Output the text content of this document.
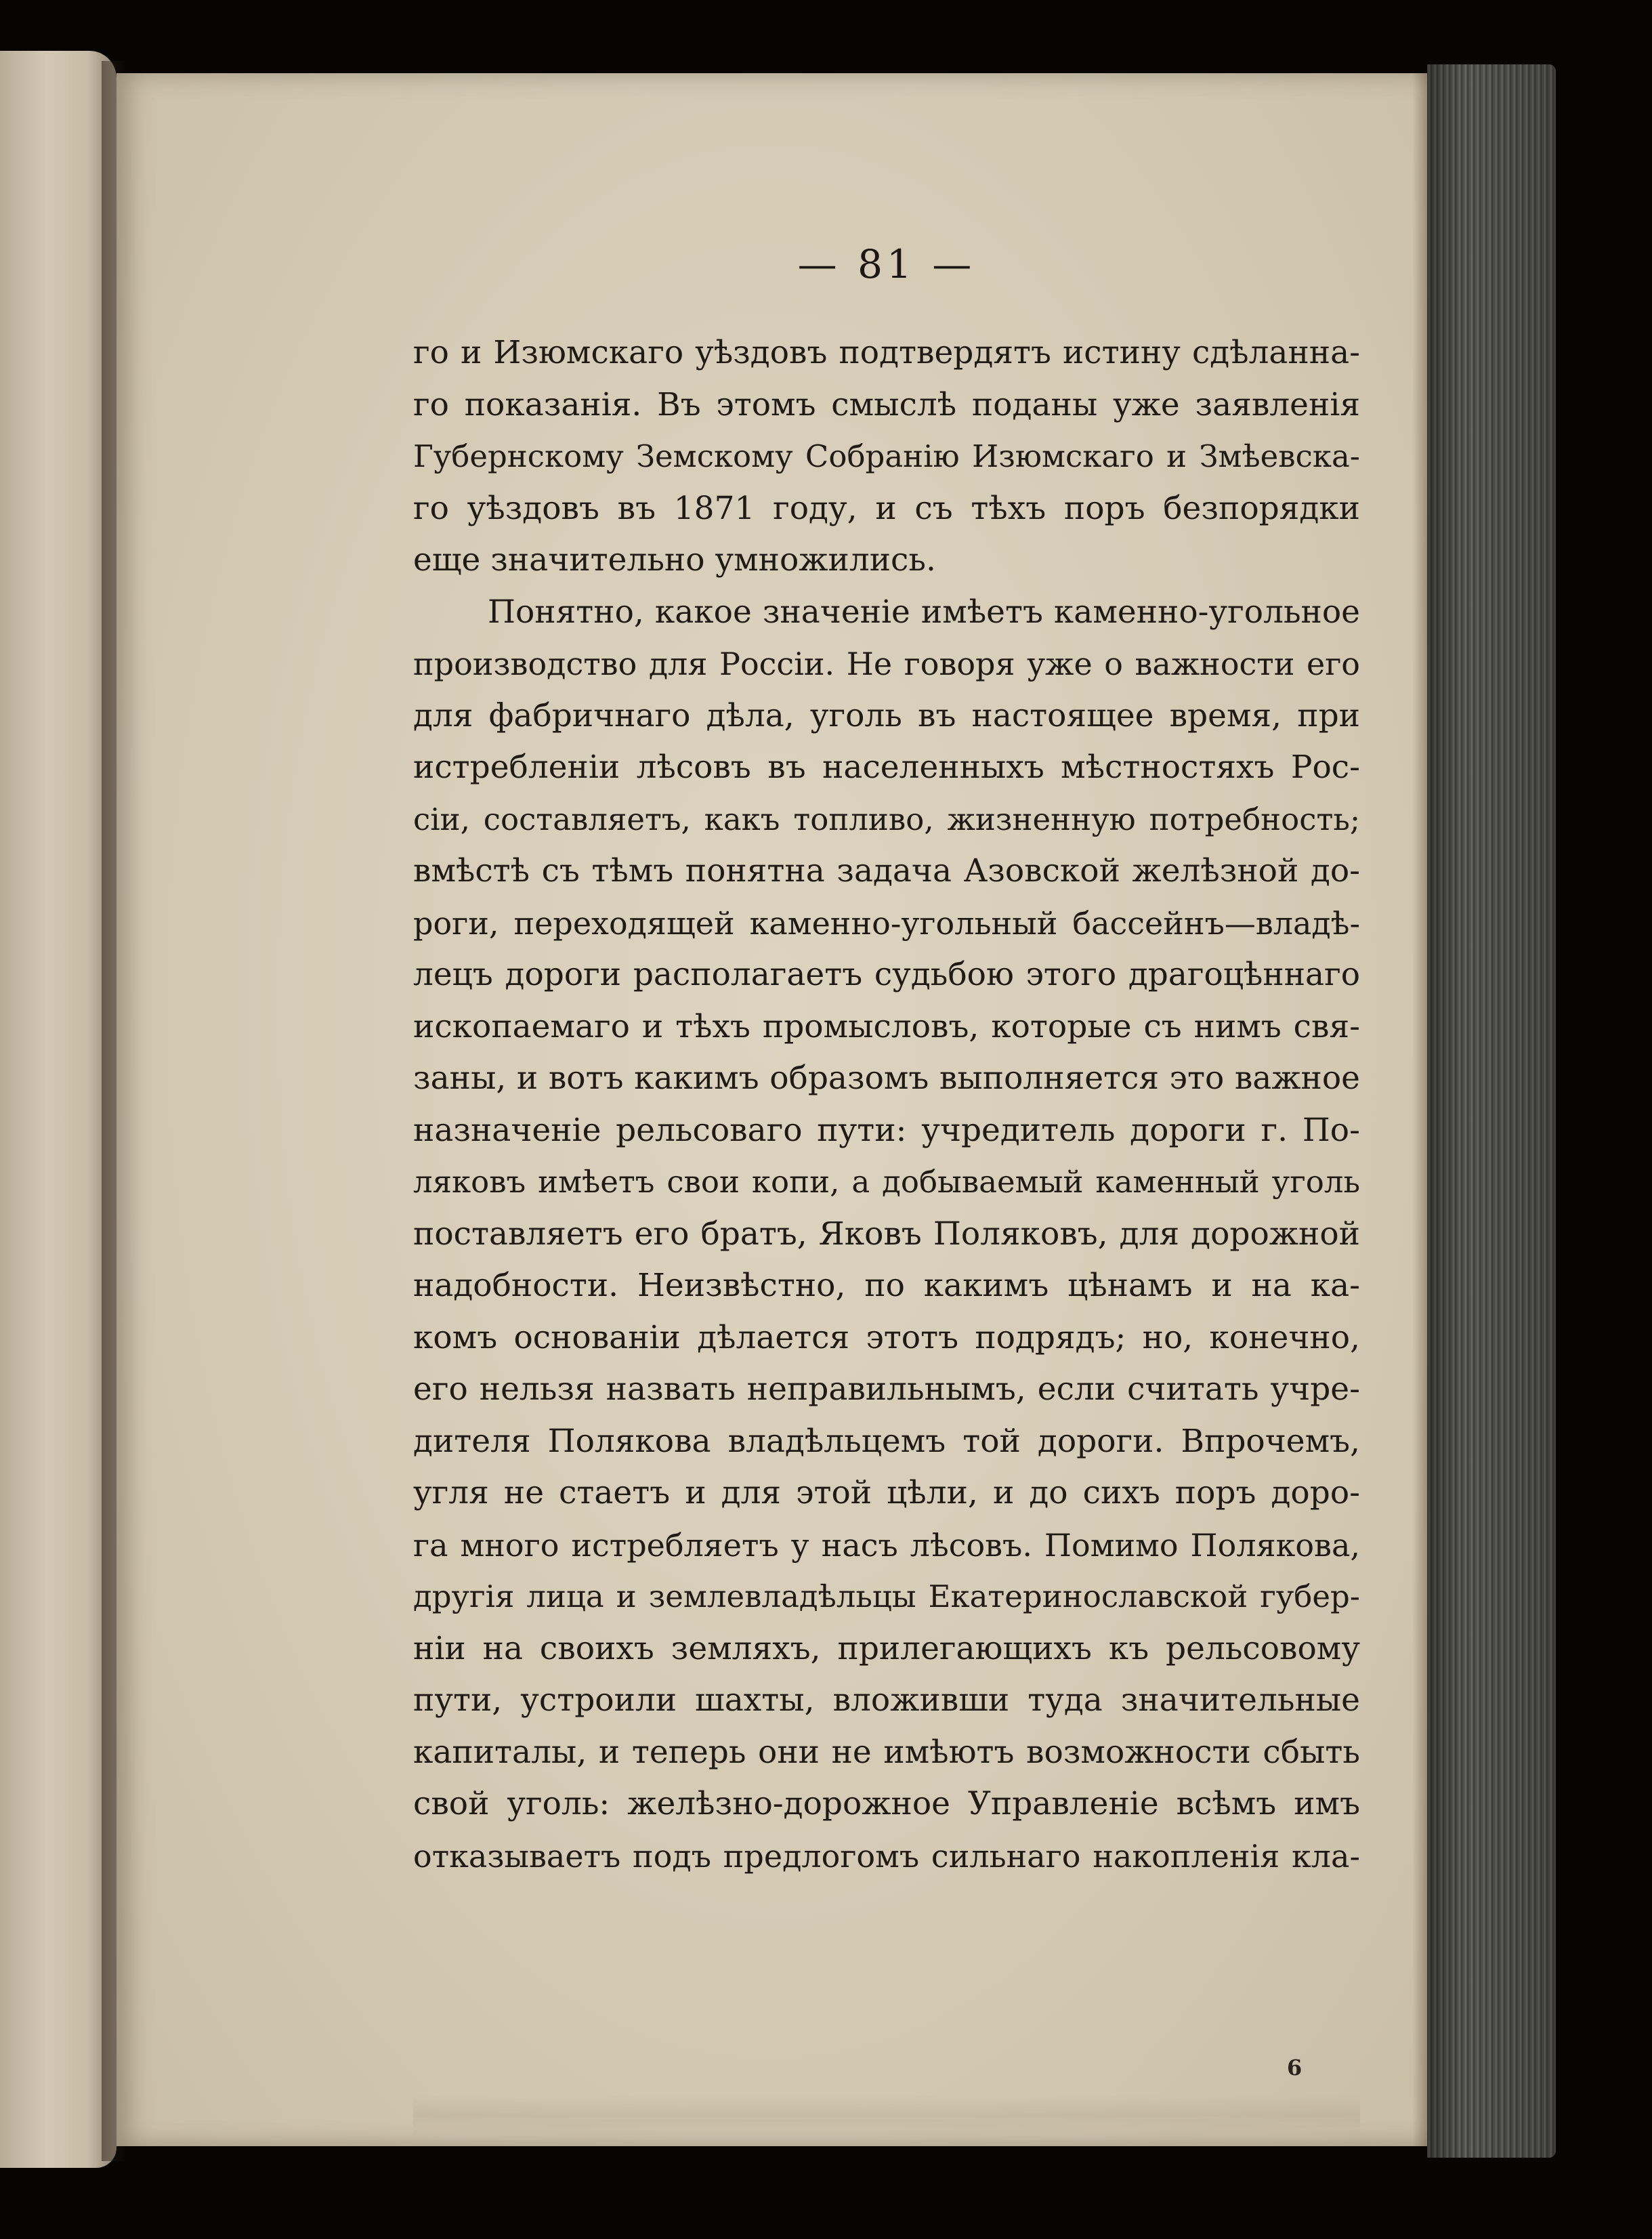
— 81 —
го и Изюмскаго уѣздовъ подтвердятъ истину сдѣланна-
го показанія. Въ этомъ смыслѣ поданы уже заявленія
Губернскому Земскому Собранію Изюмскаго и Змѣевска-
го уѣздовъ въ 1871 году, и съ тѣхъ поръ безпорядки
еще значительно умножились.
Понятно, какое значеніе имѣетъ каменно-угольное
производство для Россіи. Не говоря уже о важности его
для фабричнаго дѣла, уголь въ настоящее время, при
истребленіи лѣсовъ въ населенныхъ мѣстностяхъ Рос-
сіи, составляетъ, какъ топливо, жизненную потребность;
вмѣстѣ съ тѣмъ понятна задача Азовской желѣзной до-
роги, переходящей каменно-угольный бассейнъ—владѣ-
лецъ дороги располагаетъ судьбою этого драгоцѣннаго
ископаемаго и тѣхъ промысловъ, которые съ нимъ свя-
заны, и вотъ какимъ образомъ выполняется это важное
назначеніе рельсоваго пути: учредитель дороги г. По-
ляковъ имѣетъ свои копи, а добываемый каменный уголь
поставляетъ его братъ, Яковъ Поляковъ, для дорожной
надобности. Неизвѣстно, по какимъ цѣнамъ и на ка-
комъ основаніи дѣлается этотъ подрядъ; но, конечно,
его нельзя назвать неправильнымъ, если считать учре-
дителя Полякова владѣльцемъ той дороги. Впрочемъ,
угля не стаетъ и для этой цѣли, и до сихъ поръ доро-
га много истребляетъ у насъ лѣсовъ. Помимо Полякова,
другія лица и землевладѣльцы Екатеринославской губер-
ніи на своихъ земляхъ, прилегающихъ къ рельсовому
пути, устроили шахты, вложивши туда значительные
капиталы, и теперь они не имѣютъ возможности сбыть
свой уголь: желѣзно-дорожное Управленіе всѣмъ имъ
отказываетъ подъ предлогомъ сильнаго накопленія кла-
6
